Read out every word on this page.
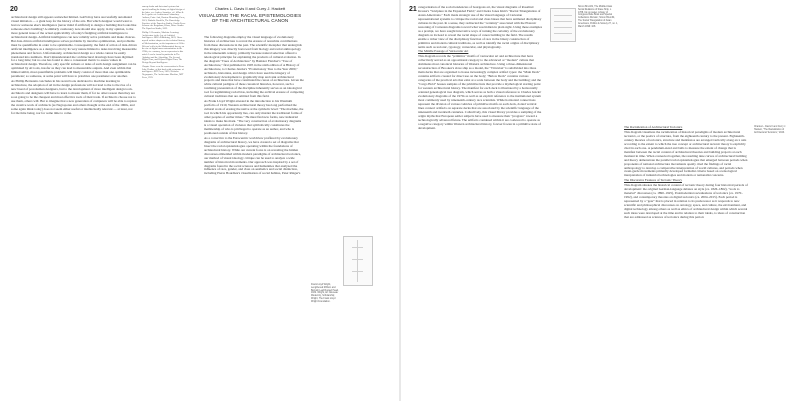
20

architectural design still appears somewhat limited. GAN may have successfully automated visual imitation — a giant leap for the history of the arts. But which designer would want to borrow someone else's intelligence (never mind if artificial) to design a building that looks like someone else's building? A similarly cautionary note should also apply, in my opinion, to the more general issue of the actual applicability of today's fledgling artificial intelligence to architectural design. Artificial intelligence can now reliably solve problems and make choices. But data-driven artificial intelligence solves problems by iterative optimization, and problems must be quantifiable in order to be optimizable. Consequently, the field of action of data-driven artificial intelligence as a design tool is by its very nature limited to tasks involving measurable phenomena and factors. Unfortunately, architectural design as a whole cannot be easily translated into numbers. Don't misunderstand me: architectural drawings have been digitized for a long time; but no one has found to date a consensual metric to assess values in architectural design. Therefore, only specific subsets or tasks of such design assignment can be optimized by AI tools, insofar as they can lead to measurable outputs. And even within that limited ambit, most quantifiable problems will likely consist of more than one optimizable parameter; so someone, at some point will have to prioritize one parameter over another.

As Phillip Bernstein concludes in his recent book dedicated to machine learning in architecture, the adoption of AI in the design professions will not lead to the to the rise of a new breed of post-human designers, but to the development of more intelligent design tools. Architects and designers will have to learn to master them, if for no other reason than they are soon going to be the cheapest and most effective tools of their trade. If architects choose not to use them, others will. But to imagine that a new generation of computers will be able to replace the creative work of architects (as Negroponte and others thought at the end of the 1960s, and some again think today) does not seem either useful or intellectually relevant — at least, not for the time being, nor for some time to come.

somep chular and thetextual systems but special sculling the history of digital design of the latter, see Andrew Saunders, ed., 4Plus & the Legacies of Architectural Autonomy. Authors, Paris: Anti, Boston: Mussdurp, Press, 2021; Nathalie Bredella, The Knowledge Practices of the Paperless Studio. Gradia Press: Schoose der Bergmann, Klaus, Dürer. Studio: The Paperless Studio, 2022.

Phillip G. Bernstein, Machine Learning: Architecture in the Age of Artificial Intelligence. RIBA Publishing, 2022; I have myself written chapter on the technical history of Mechanization, on the importance of Gilles Deleuze's debt to the Mathematical theory, on the rise of digital mass customization in the 1990s, etc. contrary, for an expression in this article I can be found in particular in The Alphabet and the Algorithm, The Second Digital Turn, and Beyond Digital Turn; The Design Beyond Intelligence.

Chapter I have seen the conversation in Pierre Lake Heather, of this book with a structure of intelligence; MIT Press, 2023; Nicholas Negroponte, The Architecture Machine, MIT Press, 1970.

Charles L. Davis II and Curry J. Hackett
VISUALIZING THE RACIAL EPISTEMOLOGIES OF THE ARCHITECTURAL CANON

The following diagrams employ the visual language of evolutionary histories of architecture to reveal the erasure of nonwhite contributions from these discussions in the past. The scientific metaphor that undergirds this imagery was directly borrowed from biology and racial anthropology in the nineteenth century, primarily because natural selection offered a teleological principle for explaining the products of cultural evolution. In the diagram "Trees of Architecture" by Banister Fletcher's "Tree of Architecture," first published in 1905 in the sixth edition of A History of Architecture, to Charles Jencks's "Evolutionary Tree to the Year 2000," architects, historians, and design critics have used the imagery of evolutionary development to graphically map and rank architectural projects and ideas that have constituted the canon of architecture. Given the white cultural pedigree of these canonical histories, however, such a totalizing presentation of the discipline inherently serves as an ideological tool for legitimizing racial bias, including the archival erasure of competing cultural traditions that are omitted from this field.

As Frank Lloyd Wright attested in the introduction to his Wasmuth portfolio of 1910, Western architectural theory has long performed the cultural work of erasing the native at the symbolic level: "The machine, the tool in which his opportunity lies, can only murder the traditional forms of other peoples of earlier times." He must find new forms, new industrial ideals to make his mark. "The very construction of evolutionary diagrams is a visual operation of violence that symbolically constitutes the membership of who is privileged to operate as an author, and who is positioned outside of that history.

As a corrective to the Eurocentric worldview proffered by evolutionary diagrams of architectural history, we have created a set of diagrams that bisect the racial epistemologies operating within the foundations of architectural history. While our current focus is on revealing the hidden discourses embedded within modern paradigms of architectural tectonics, our method of visual ideology critique can be used to analyze a wide number of historical movements. Our approach was inspired by a set of diagrams found in the social sciences and humanities that analyzed the influence of race, gender, and class on aesthetics and social distinction, including Pierre Bourdieu's visualization of social habitus, Peter Ringer's

Frank Lloyd Wright, Lengthened Ribbon and Bulrush Leaf Rooted Head, 1932. Wright, Art Nouveau Modernity, Scholarship; Wright, The Frank Lloyd Wright Foundation.
21 categorization of the social tendencies of bourgeois art, the visual diagrams of Rosalind Krauss's "Sculpture in the Expanded Field," and Cheire Jones Kim's "Racial Triangulation of Asian Americans." Each made strategic use of the visual language of Cartesian representational systems to critique the racial and class biases that have animated disciplinary cultures in the past. In a sense, they redirected the "certainty" associated with the Platonic reasoning of Cartesian diagrams toward what was hidden in plain sight. Using these examples as a prompt, we have sought innovative ways of turning the certainty of the evolutionary diagram on its head to reveal the racial shape of canon building in the field. The results enable a richer view of the disciplinary function of race in the binary construction of primitive and modern cultural traditions, as well as identify the racial origins of disciplinary terms such as tectonic, typology, vernacular, and physiognomy.

The Middle Passage of Vernacular Art

This diagram records the "primitive" motifs of vernacular art and architecture that have collectively served as an oppositional category to the advanced or "modern" culture that dominates most canonical histories of Western architecture. Using a three-dimensional reconstruction of Brookes's slave ship as a model, the "Vitruvian" is subdivided into three main decks that are organized to house increasingly complex artifact types: the "Main Deck" contains artifacts created for direct use on the body; "Below Deck" contains various categories of the practical arts that exist at a scale between the body and the building; and the "Cargo Hold" houses samples of the primitive huts that provide a mythological starting point for western architectural history. The manifest for each deck is illustrated by a horizontally oriented genealogical tree diagram, which serves as both a visual reference to Charles Jencks' evolutionary diagrams of the 1970s as well as an explicit reference to the institutional system most commonly used by nineteenth-century race scientists. While horizontal connections represent the division of various vehicles of primitive motifs on each deck, dotted vertical lines connect artifacts on separate decks that are associated by the scientific language of the nineteenth and twentieth centuries. Collectively, this visual library provides a sampling of the origin myths that European settler subjects have used to measure their "progress" toward a technologically advanced future. The artifacts contained within it are coalesced to operate as a negative category within Western architectural history, forever frozen in a primitive state of development.

Simon Brumfitt, The Middle-Class Social Relations of Slave Ship, c. 1788. Ink on paper. Library of Congress Rare Book and Special Collections Division; Simon Brumfitt, The Social Triangulation of Asian Americans, Politics & Society 27, no. 1, March 1999: 108.

The Racialization of Architectural Tectonics

This diagram visualizes the racialization of historical paradigms of modern architectural tectonics, or the poetics of structure, from the eighteenth century to the present. Eighteenth-century theories of tectonics, structure and manifestos are arranged vertically along an x axis according to the extent to which the tree concept or architectural tectonic theory is explicitly cited in each one. A pendulum-sized and balls to measure the extent of change that is manifest between the racial content of architectural theories and building projects at each moment in time. When connected together, the resulting nine curves of architectural building and theory demonstrate the parallel racial epistemologies that emerged between periods when proponents of national architecture movements openly cited the findings of racial anthropology to develop a comparative interpretation of world cultures, and periods when avant-garde movements primarily developed formalist criteria based on a teleological interpretation of industrial technologies and modern or nationalist concerns.

The Discursive Features of Tectonic Theory

This diagram situates the historical content of tectonic theory during four historical periods of development: the original German-language debates on style (ca. 1826–1862), "tools to material" discourses (ca. 1890–1925), Postmodernist reevaluations of tectonics (ca. 1970–1992), and contemporary theories on digital tectonics (ca. 2004–2015). Each period is represented by a "gear" that is placed in relation to its predecessor as it responds to new scientific and philosophical discourses on ontology, space, and culture, the environment, and digital technology among others as well as ethics of architectural design within which several such ideas were developed at the time and in relation to their ideals, to ideas of construction that are addressed as sciences of tectonics during this period.

Charles L. Davis II and Curry J. Hackett, "The Racialization of Architectural Tectonics," 2023.
